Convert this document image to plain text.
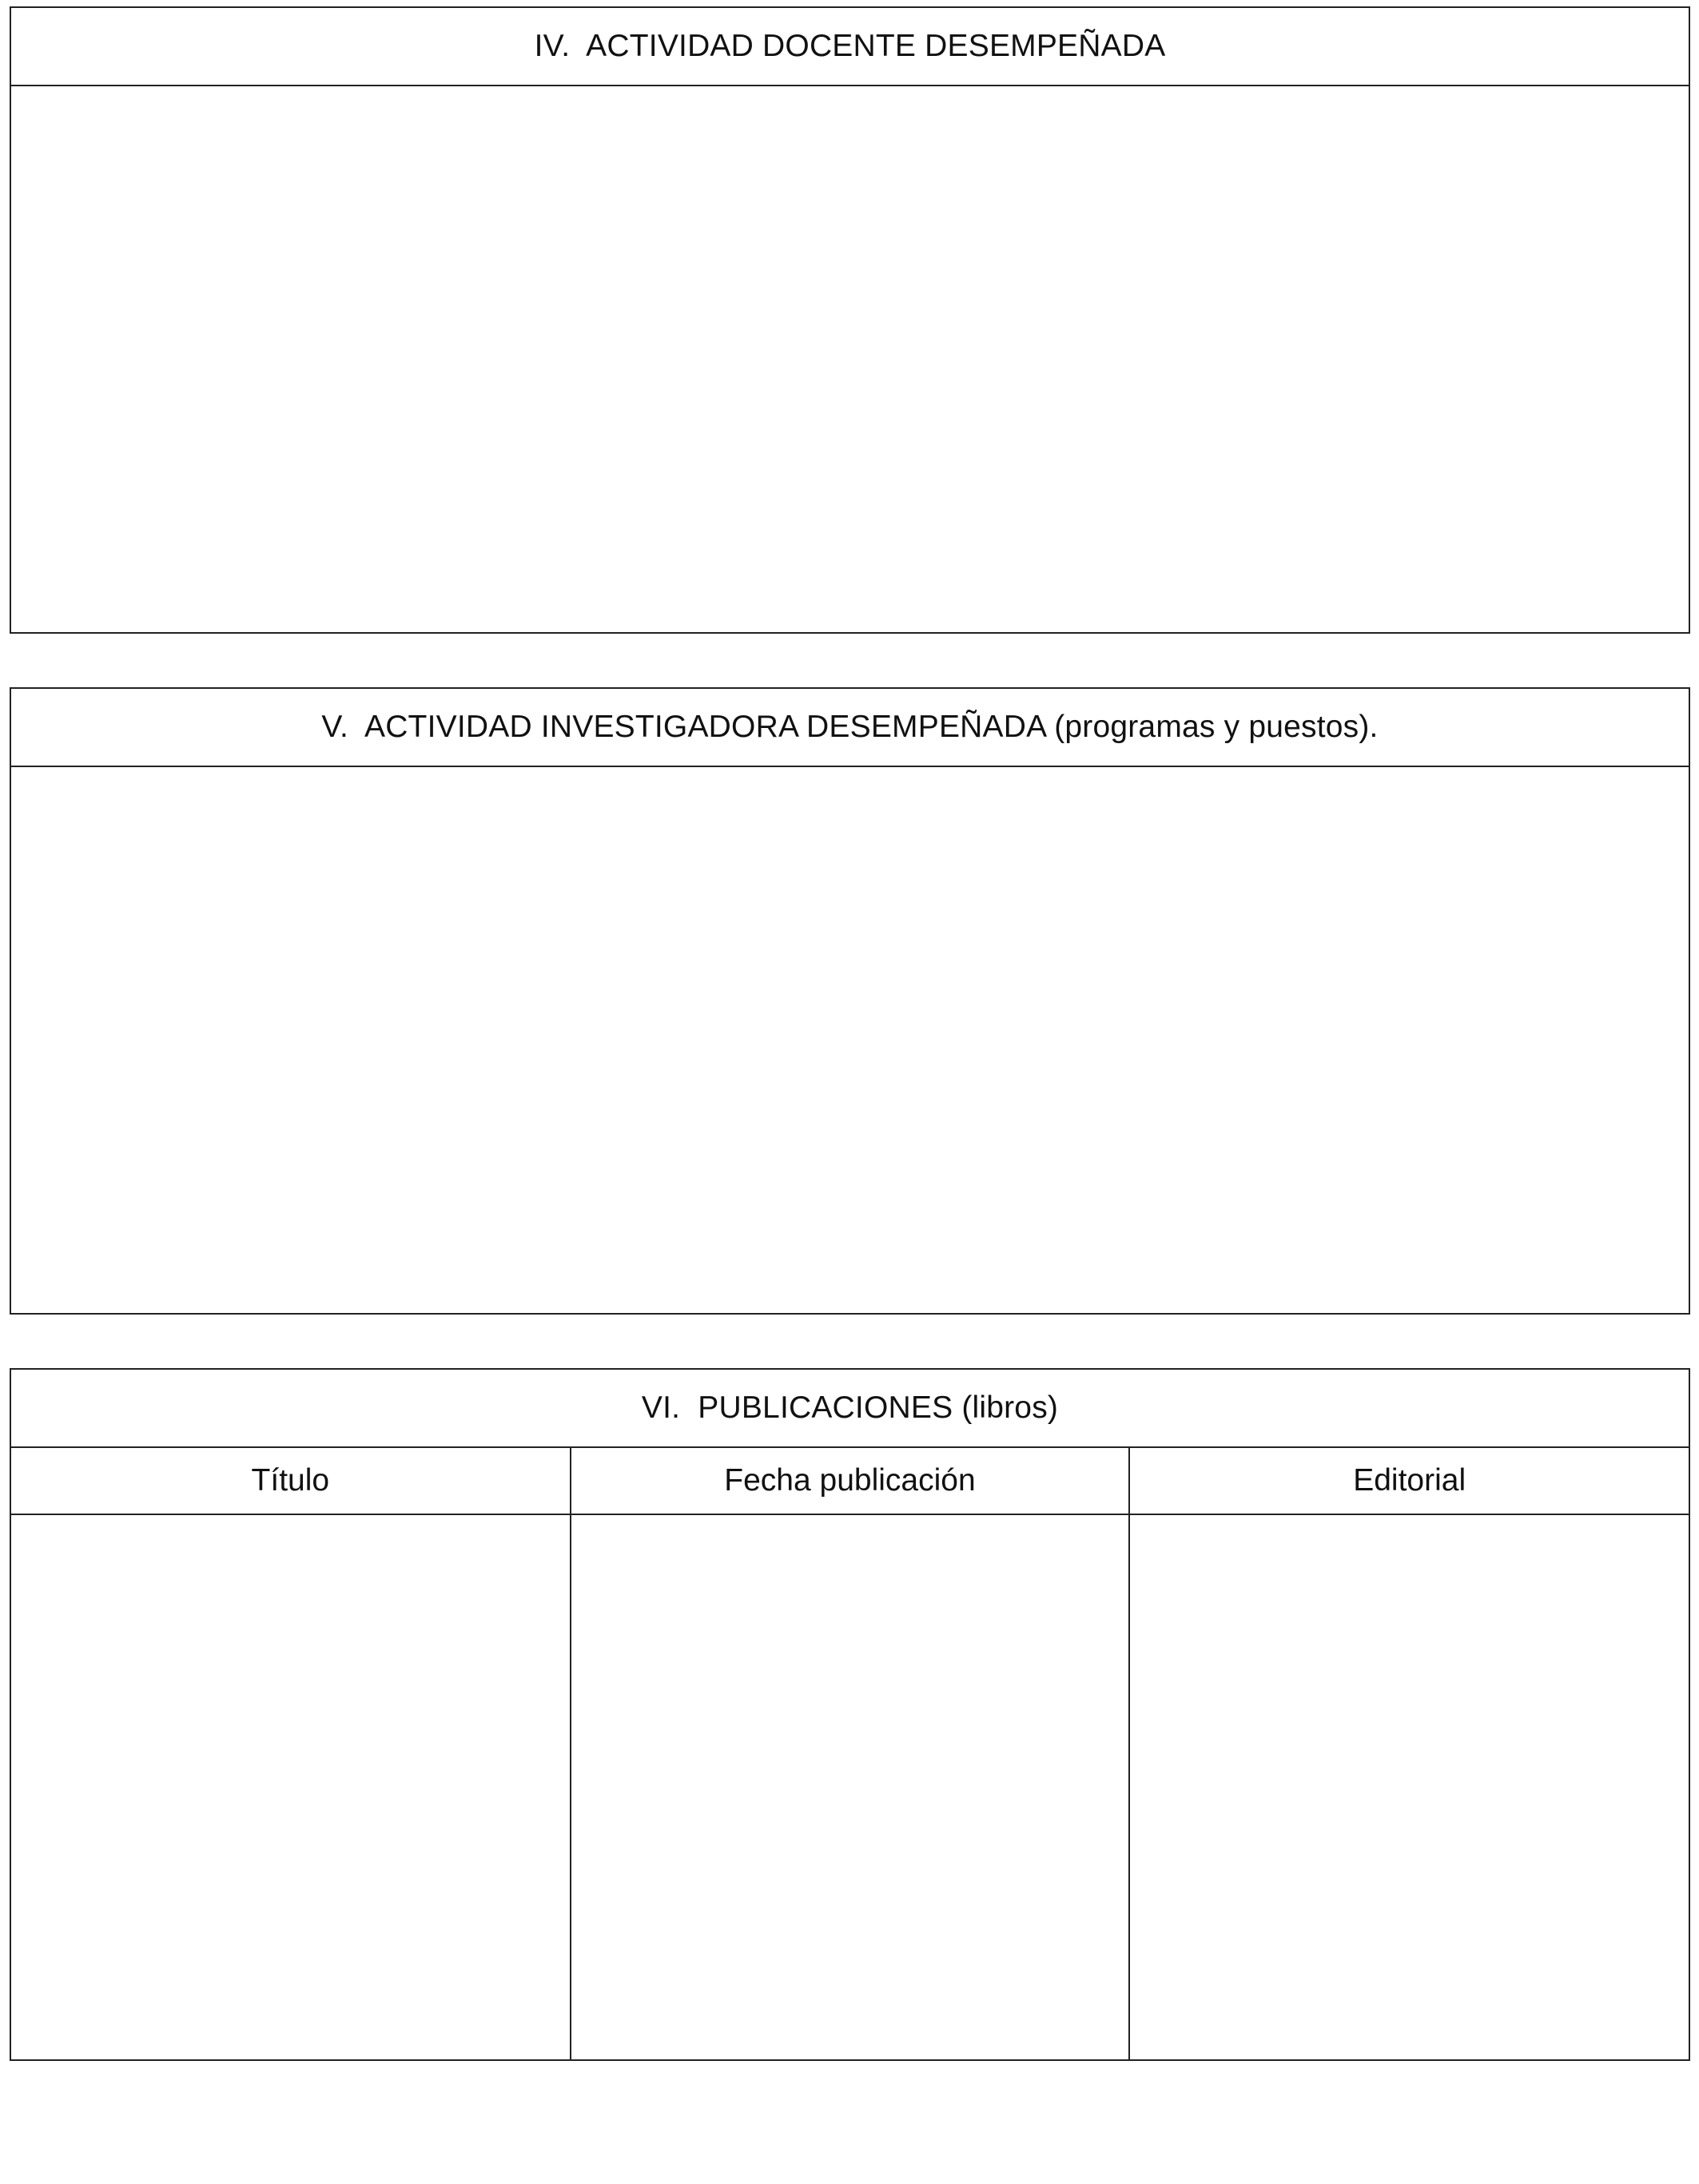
IV.  ACTIVIDAD DOCENTE DESEMPEÑADA
V.  ACTIVIDAD INVESTIGADORA DESEMPEÑADA (programas y puestos).
VI.  PUBLICACIONES (libros)
Título	Fecha publicación	Editorial
